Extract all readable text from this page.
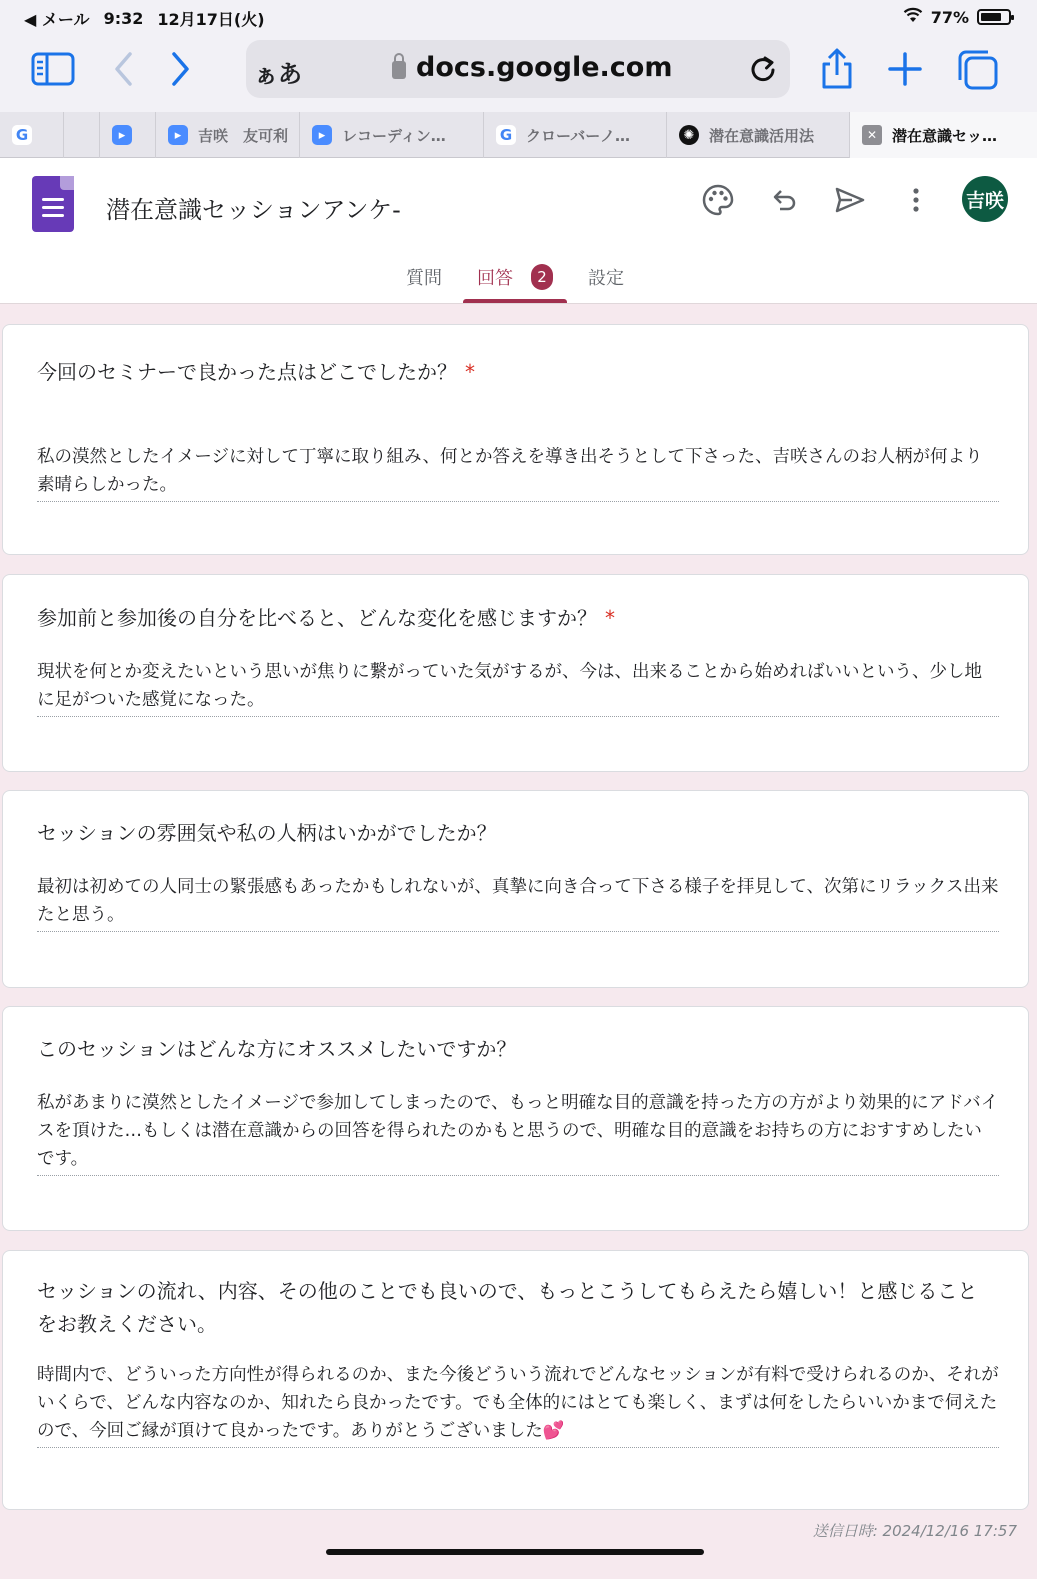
◀ メール 9:32 12月17日(火)	77%
ぁあ	docs.google.com
G	▸	▸	吉咲　友可利	▸	レコーディン…	G クローバーノ…	✺ 潜在意識活用法	✕ 潜在意識セッ…
潜在意識セッションアンケ-	吉咲
質問 回答	2	設定
今回のセミナーで良かった点はどこでしたか？ *
私の漠然としたイメージに対して丁寧に取り組み、何とか答えを導き出そうとして下さった、吉咲さんのお人柄が何より素晴らしかった。
参加前と参加後の自分を比べると、どんな変化を感じますか？ *
現状を何とか変えたいという思いが焦りに繋がっていた気がするが、今は、出来ることから始めればいいという、少し地に足がついた感覚になった。
セッションの雰囲気や私の人柄はいかがでしたか？
最初は初めての人同士の緊張感もあったかもしれないが、真摯に向き合って下さる様子を拝見して、次第にリラックス出来たと思う。
このセッションはどんな方にオススメしたいですか？
私があまりに漠然としたイメージで参加してしまったので、もっと明確な目的意識を持った方の方がより効果的にアドバイスを頂けた…もしくは潜在意識からの回答を得られたのかもと思うので、明確な目的意識をお持ちの方におすすめしたいです。
セッションの流れ、内容、その他のことでも良いので、もっとこうしてもらえたら嬉しい！と感じることをお教えください。
時間内で、どういった方向性が得られるのか、また今後どういう流れでどんなセッションが有料で受けられるのか、それがいくらで、どんな内容なのか、知れたら良かったです。でも全体的にはとても楽しく、まずは何をしたらいいかまで伺えたので、今回ご縁が頂けて良かったです。ありがとうございました💕
送信日時: 2024/12/16 17:57
